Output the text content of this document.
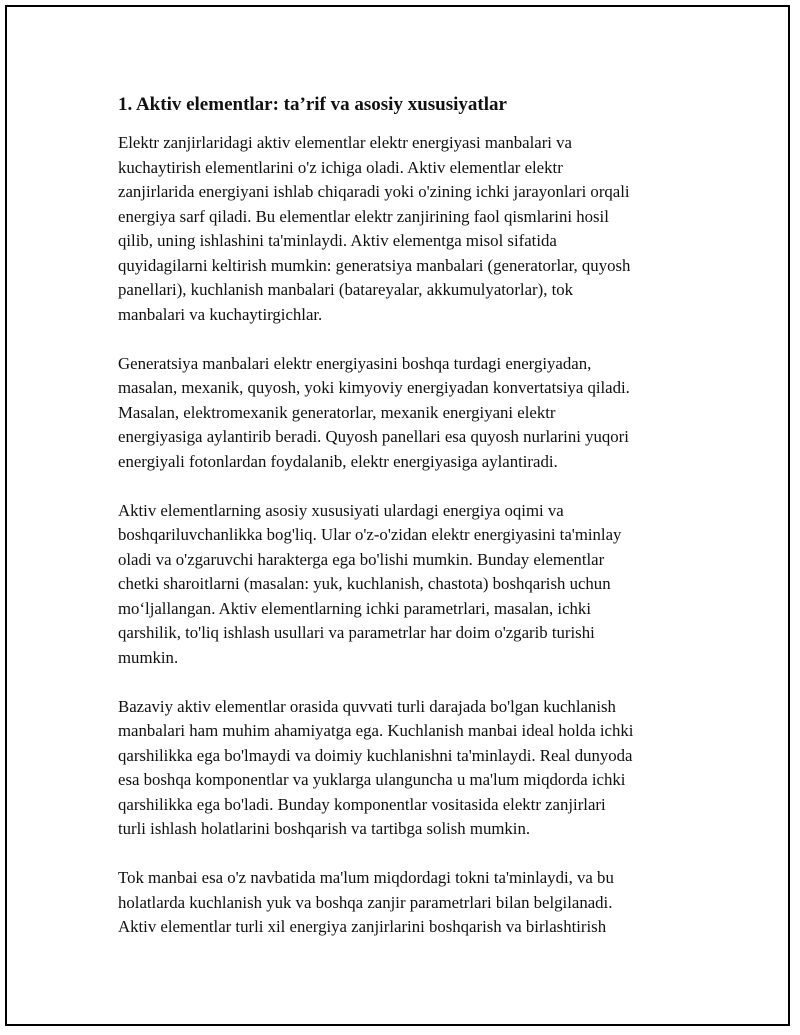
1. Aktiv elementlar: ta’rif va asosiy xususiyatlar
Elektr zanjirlaridagi aktiv elementlar elektr energiyasi manbalari va
kuchaytirish elementlarini o'z ichiga oladi. Aktiv elementlar elektr
zanjirlarida energiyani ishlab chiqaradi yoki o'zining ichki jarayonlari orqali
energiya sarf qiladi. Bu elementlar elektr zanjirining faol qismlarini hosil
qilib, uning ishlashini ta'minlaydi. Aktiv elementga misol sifatida
quyidagilarni keltirish mumkin: generatsiya manbalari (generatorlar, quyosh
panellari), kuchlanish manbalari (batareyalar, akkumulyatorlar), tok
manbalari va kuchaytirgichlar.
Generatsiya manbalari elektr energiyasini boshqa turdagi energiyadan,
masalan, mexanik, quyosh, yoki kimyoviy energiyadan konvertatsiya qiladi.
Masalan, elektromexanik generatorlar, mexanik energiyani elektr
energiyasiga aylantirib beradi. Quyosh panellari esa quyosh nurlarini yuqori
energiyali fotonlardan foydalanib, elektr energiyasiga aylantiradi.
Aktiv elementlarning asosiy xususiyati ulardagi energiya oqimi va
boshqariluvchanlikka bog'liq. Ular o'z-o'zidan elektr energiyasini ta'minlay
oladi va o'zgaruvchi harakterga ega bo'lishi mumkin. Bunday elementlar
chetki sharoitlarni (masalan: yuk, kuchlanish, chastota) boshqarish uchun
mo‘ljallangan. Aktiv elementlarning ichki parametrlari, masalan, ichki
qarshilik, to'liq ishlash usullari va parametrlar har doim o'zgarib turishi
mumkin.
Bazaviy aktiv elementlar orasida quvvati turli darajada bo'lgan kuchlanish
manbalari ham muhim ahamiyatga ega. Kuchlanish manbai ideal holda ichki
qarshilikka ega bo'lmaydi va doimiy kuchlanishni ta'minlaydi. Real dunyoda
esa boshqa komponentlar va yuklarga ulanguncha u ma'lum miqdorda ichki
qarshilikka ega bo'ladi. Bunday komponentlar vositasida elektr zanjirlari
turli ishlash holatlarini boshqarish va tartibga solish mumkin.
Tok manbai esa o'z navbatida ma'lum miqdordagi tokni ta'minlaydi, va bu
holatlarda kuchlanish yuk va boshqa zanjir parametrlari bilan belgilanadi.
Aktiv elementlar turli xil energiya zanjirlarini boshqarish va birlashtirish
